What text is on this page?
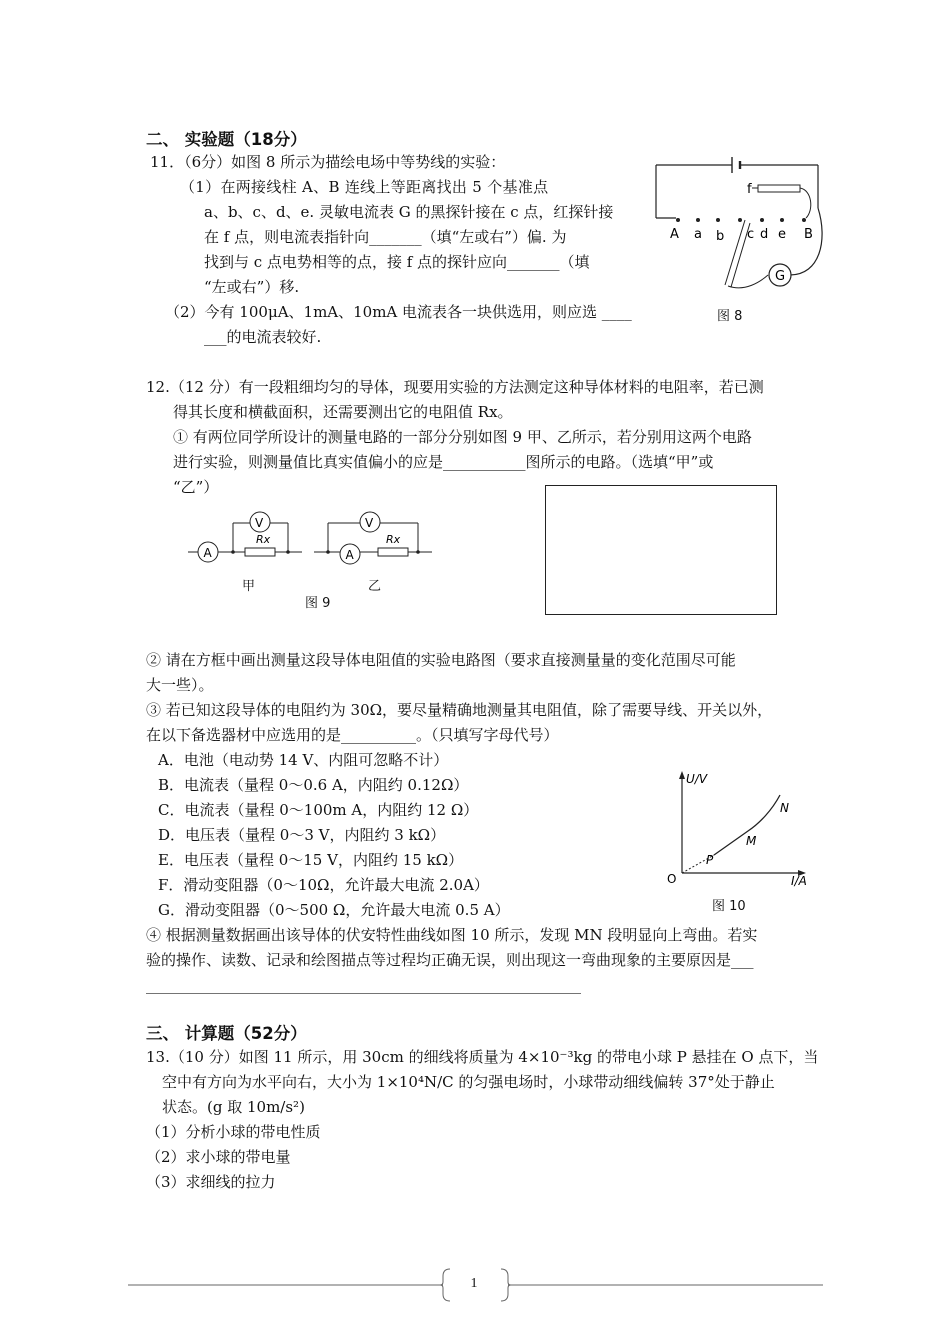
二、 实验题（18分）
11．（6分）如图 8 所示为描绘电场中等势线的实验：
（1）在两接线柱 A、B 连线上等距离找出 5 个基准点
a、b、c、d、e. 灵敏电流表 G 的黑探针接在 c 点，红探针接
在 f 点，则电流表指针向_______（填“左或右”）偏. 为
找到与 c 点电势相等的点，接 f 点的探针应向_______（填
“左或右”）移.
（2）今有 100μA、1mA、10mA 电流表各一块供选用，则应选 ____
___的电流表较好.
A a b c d e B
f
G
图 8
12.（12 分）有一段粗细均匀的导体，现要用实验的方法测定这种导体材料的电阻率，若已测
得其长度和横截面积，还需要测出它的电阻值 Rx。
① 有两位同学所设计的测量电路的一部分分别如图 9 甲、乙所示，若分别用这两个电路
进行实验，则测量值比真实值偏小的应是___________图所示的电路。（选填“甲”或
“乙”）
A
V
Rx
V
A
Rx
甲	乙
图 9
② 请在方框中画出测量这段导体电阻值的实验电路图（要求直接测量量的变化范围尽可能
大一些）。
③ 若已知这段导体的电阻约为 30Ω，要尽量精确地测量其电阻值，除了需要导线、开关以外，
在以下备选器材中应选用的是__________。（只填写字母代号）
A．电池（电动势 14 V、内阻可忽略不计）
B．电流表（量程 0～0.6 A，内阻约 0.12Ω）
C．电流表（量程 0～100m A，内阻约 12 Ω）
D．电压表（量程 0～3 V，内阻约 3 kΩ）
E．电压表（量程 0～15 V，内阻约 15 kΩ）
F．滑动变阻器（0～10Ω，允许最大电流 2.0A）
G．滑动变阻器（0～500 Ω，允许最大电流 0.5 A）
U/V
I/A
O
P
M
N
图 10
④ 根据测量数据画出该导体的伏安特性曲线如图 10 所示，发现 MN 段明显向上弯曲。若实
验的操作、读数、记录和绘图描点等过程均正确无误，则出现这一弯曲现象的主要原因是___
__________________________________________________________
三、 计算题（52分）
13.（10 分）如图 11 所示，用 30cm 的细线将质量为 4×10⁻³kg 的带电小球 P 悬挂在 O 点下，当
空中有方向为水平向右，大小为 1×10⁴N/C 的匀强电场时，小球带动细线偏转 37°处于静止
状态。(g 取 10m/s²)
（1）分析小球的带电性质
（2）求小球的带电量
（3）求细线的拉力
1
